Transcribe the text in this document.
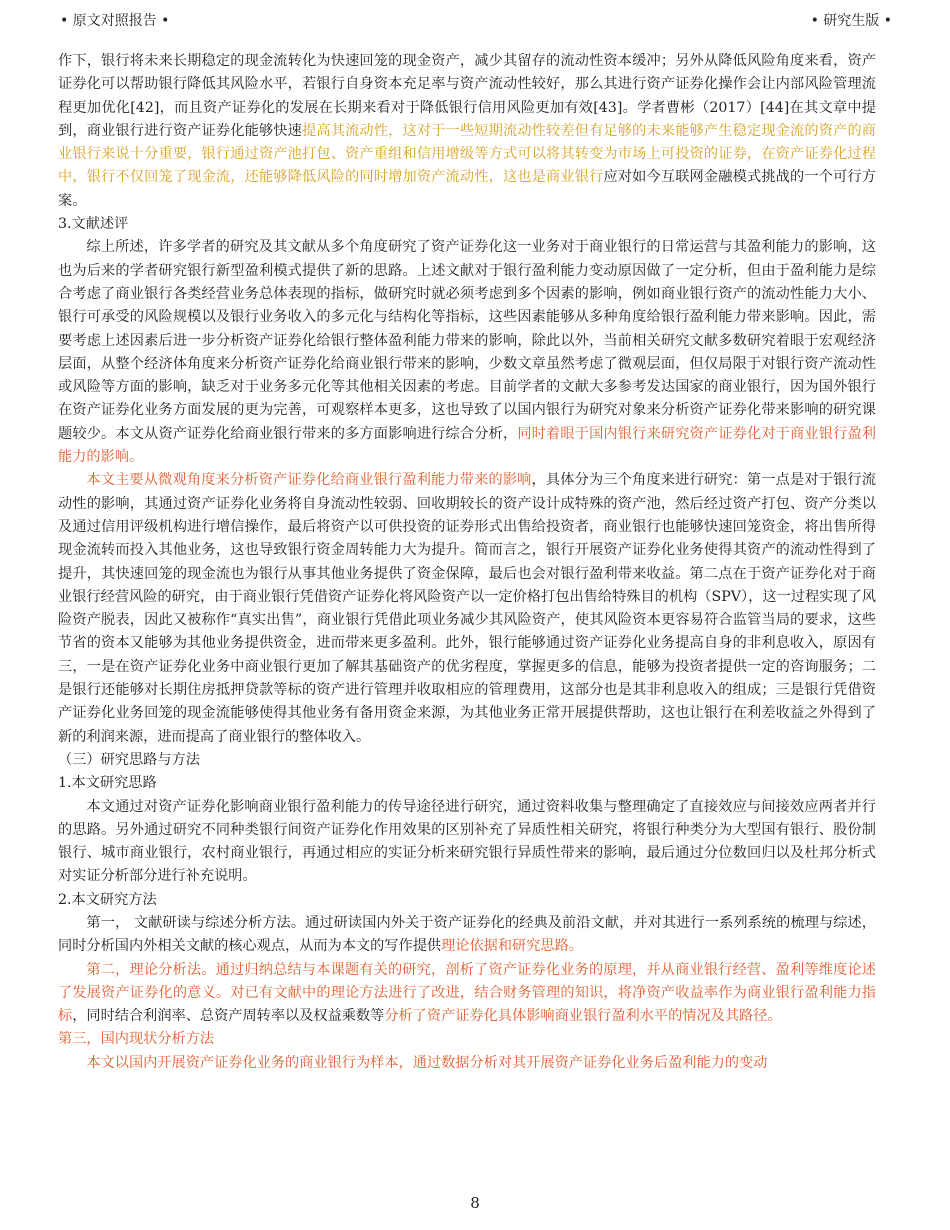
• 原文对照报告 •	• 研究生版 •

作下，银行将未来长期稳定的现金流转化为快速回笼的现金资产，减少其留存的流动性资本缓冲；另外从降低风险角度来看，资产证券化可以帮助银行降低其风险水平，若银行自身资本充足率与资产流动性较好，那么其进行资产证券化操作会让内部风险管理流程更加优化[42]，而且资产证券化的发展在长期来看对于降低银行信用风险更加有效[43]。学者曹彬（2017）[44]在其文章中提到，商业银行进行资产证券化能够快速提高其流动性，这对于一些短期流动性较差但有足够的未来能够产生稳定现金流的资产的商业银行来说十分重要，银行通过资产池打包、资产重组和信用增级等方式可以将其转变为市场上可投资的证券，在资产证券化过程中，银行不仅回笼了现金流，还能够降低风险的同时增加资产流动性，这也是商业银行应对如今互联网金融模式挑战的一个可行方案。

3.文献述评

综上所述，许多学者的研究及其文献从多个角度研究了资产证券化这一业务对于商业银行的日常运营与其盈利能力的影响，这也为后来的学者研究银行新型盈利模式提供了新的思路。上述文献对于银行盈利能力变动原因做了一定分析，但由于盈利能力是综合考虑了商业银行各类经营业务总体表现的指标，做研究时就必须考虑到多个因素的影响，例如商业银行资产的流动性能力大小、银行可承受的风险规模以及银行业务收入的多元化与结构化等指标，这些因素能够从多种角度给银行盈利能力带来影响。因此，需要考虑上述因素后进一步分析资产证券化给银行整体盈利能力带来的影响，除此以外，当前相关研究文献多数研究着眼于宏观经济层面，从整个经济体角度来分析资产证券化给商业银行带来的影响，少数文章虽然考虑了微观层面，但仅局限于对银行资产流动性或风险等方面的影响，缺乏对于业务多元化等其他相关因素的考虑。目前学者的文献大多参考发达国家的商业银行，因为国外银行在资产证券化业务方面发展的更为完善，可观察样本更多，这也导致了以国内银行为研究对象来分析资产证券化带来影响的研究课题较少。本文从资产证券化给商业银行带来的多方面影响进行综合分析，同时着眼于国内银行来研究资产证券化对于商业银行盈利能力的影响。

本文主要从微观角度来分析资产证券化给商业银行盈利能力带来的影响，具体分为三个角度来进行研究：第一点是对于银行流动性的影响，其通过资产证券化业务将自身流动性较弱、回收期较长的资产设计成特殊的资产池，然后经过资产打包、资产分类以及通过信用评级机构进行增信操作，最后将资产以可供投资的证券形式出售给投资者，商业银行也能够快速回笼资金，将出售所得现金流转而投入其他业务，这也导致银行资金周转能力大为提升。简而言之，银行开展资产证券化业务使得其资产的流动性得到了提升，其快速回笼的现金流也为银行从事其他业务提供了资金保障，最后也会对银行盈利带来收益。第二点在于资产证券化对于商业银行经营风险的研究，由于商业银行凭借资产证券化将风险资产以一定价格打包出售给特殊目的机构（SPV），这一过程实现了风险资产脱表，因此又被称作“真实出售”，商业银行凭借此项业务减少其风险资产，使其风险资本更容易符合监管当局的要求，这些节省的资本又能够为其他业务提供资金，进而带来更多盈利。此外，银行能够通过资产证券化业务提高自身的非利息收入，原因有三，一是在资产证券化业务中商业银行更加了解其基础资产的优劣程度，掌握更多的信息，能够为投资者提供一定的咨询服务；二是银行还能够对长期住房抵押贷款等标的资产进行管理并收取相应的管理费用，这部分也是其非利息收入的组成；三是银行凭借资产证券化业务回笼的现金流能够使得其他业务有备用资金来源，为其他业务正常开展提供帮助，这也让银行在利差收益之外得到了新的利润来源，进而提高了商业银行的整体收入。

（三）研究思路与方法

1.本文研究思路

本文通过对资产证券化影响商业银行盈利能力的传导途径进行研究，通过资料收集与整理确定了直接效应与间接效应两者并行的思路。另外通过研究不同种类银行间资产证券化作用效果的区别补充了异质性相关研究，将银行种类分为大型国有银行、股份制银行、城市商业银行，农村商业银行，再通过相应的实证分析来研究银行异质性带来的影响，最后通过分位数回归以及杜邦分析式对实证分析部分进行补充说明。

2.本文研究方法

第一， 文献研读与综述分析方法。通过研读国内外关于资产证券化的经典及前沿文献，并对其进行一系列系统的梳理与综述，同时分析国内外相关文献的核心观点，从而为本文的写作提供理论依据和研究思路。

第二，理论分析法。通过归纳总结与本课题有关的研究，剖析了资产证券化业务的原理，并从商业银行经营、盈利等维度论述了发展资产证券化的意义。对已有文献中的理论方法进行了改进，结合财务管理的知识，将净资产收益率作为商业银行盈利能力指标，同时结合利润率、总资产周转率以及权益乘数等分析了资产证券化具体影响商业银行盈利水平的情况及其路径。

第三，国内现状分析方法

本文以国内开展资产证券化业务的商业银行为样本，通过数据分析对其开展资产证券化业务后盈利能力的变动

8
